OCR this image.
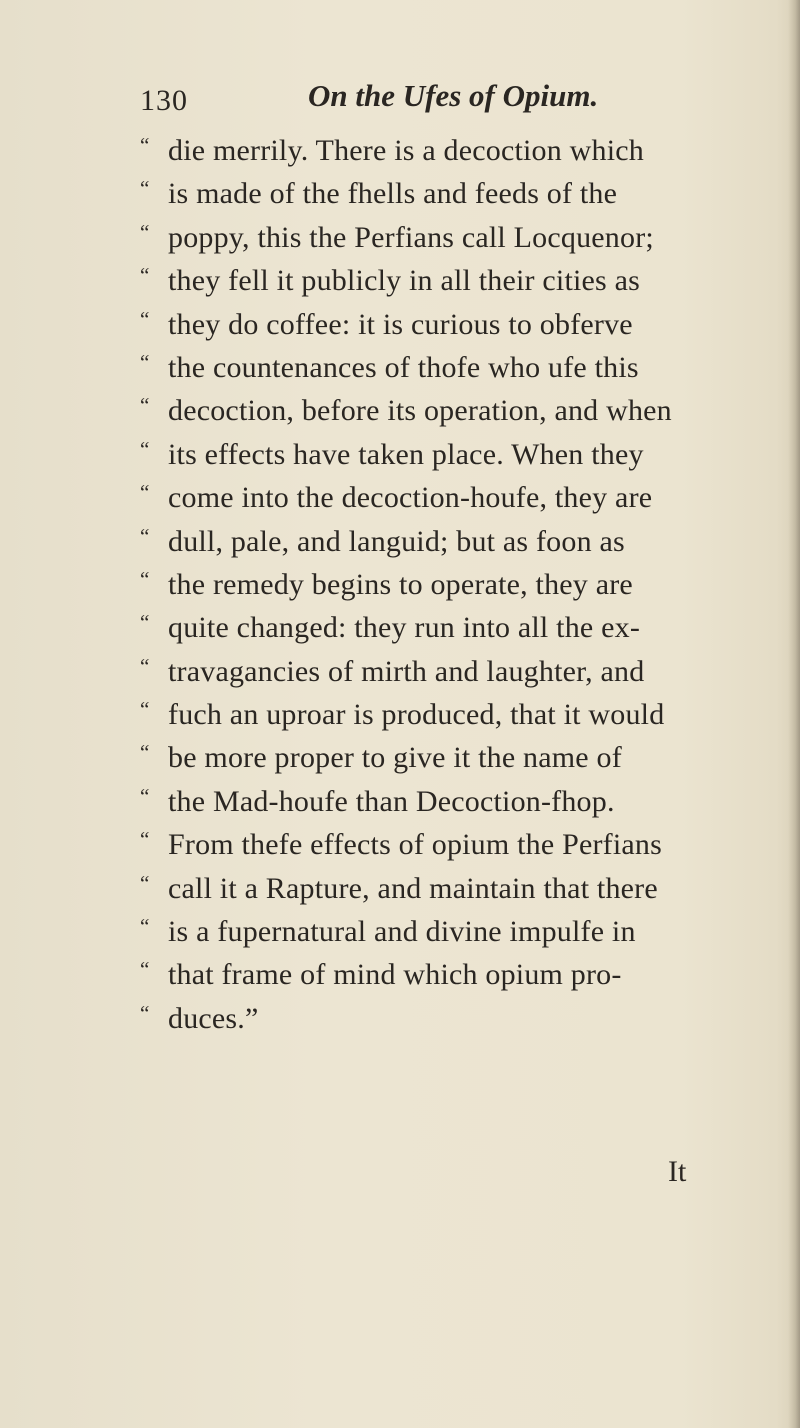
130	On the Ufes of Opium.
“ die merrily. There is a decoction which
“ is made of the fhells and feeds of the
“ poppy, this the Perfians call Locquenor;
“ they fell it publicly in all their cities as
“ they do coffee: it is curious to obferve
“ the countenances of thofe who ufe this
“ decoction, before its operation, and when
“ its effects have taken place. When they
“ come into the decoction-houfe, they are
“ dull, pale, and languid; but as foon as
“ the remedy begins to operate, they are
“ quite changed: they run into all the ex-
“ travagancies of mirth and laughter, and
“ fuch an uproar is produced, that it would
“ be more proper to give it the name of
“ the Mad-houfe than Decoction-fhop.
“ From thefe effects of opium the Perfians
“ call it a Rapture, and maintain that there
“ is a fupernatural and divine impulfe in
“ that frame of mind which opium pro-
“ duces.”
It
